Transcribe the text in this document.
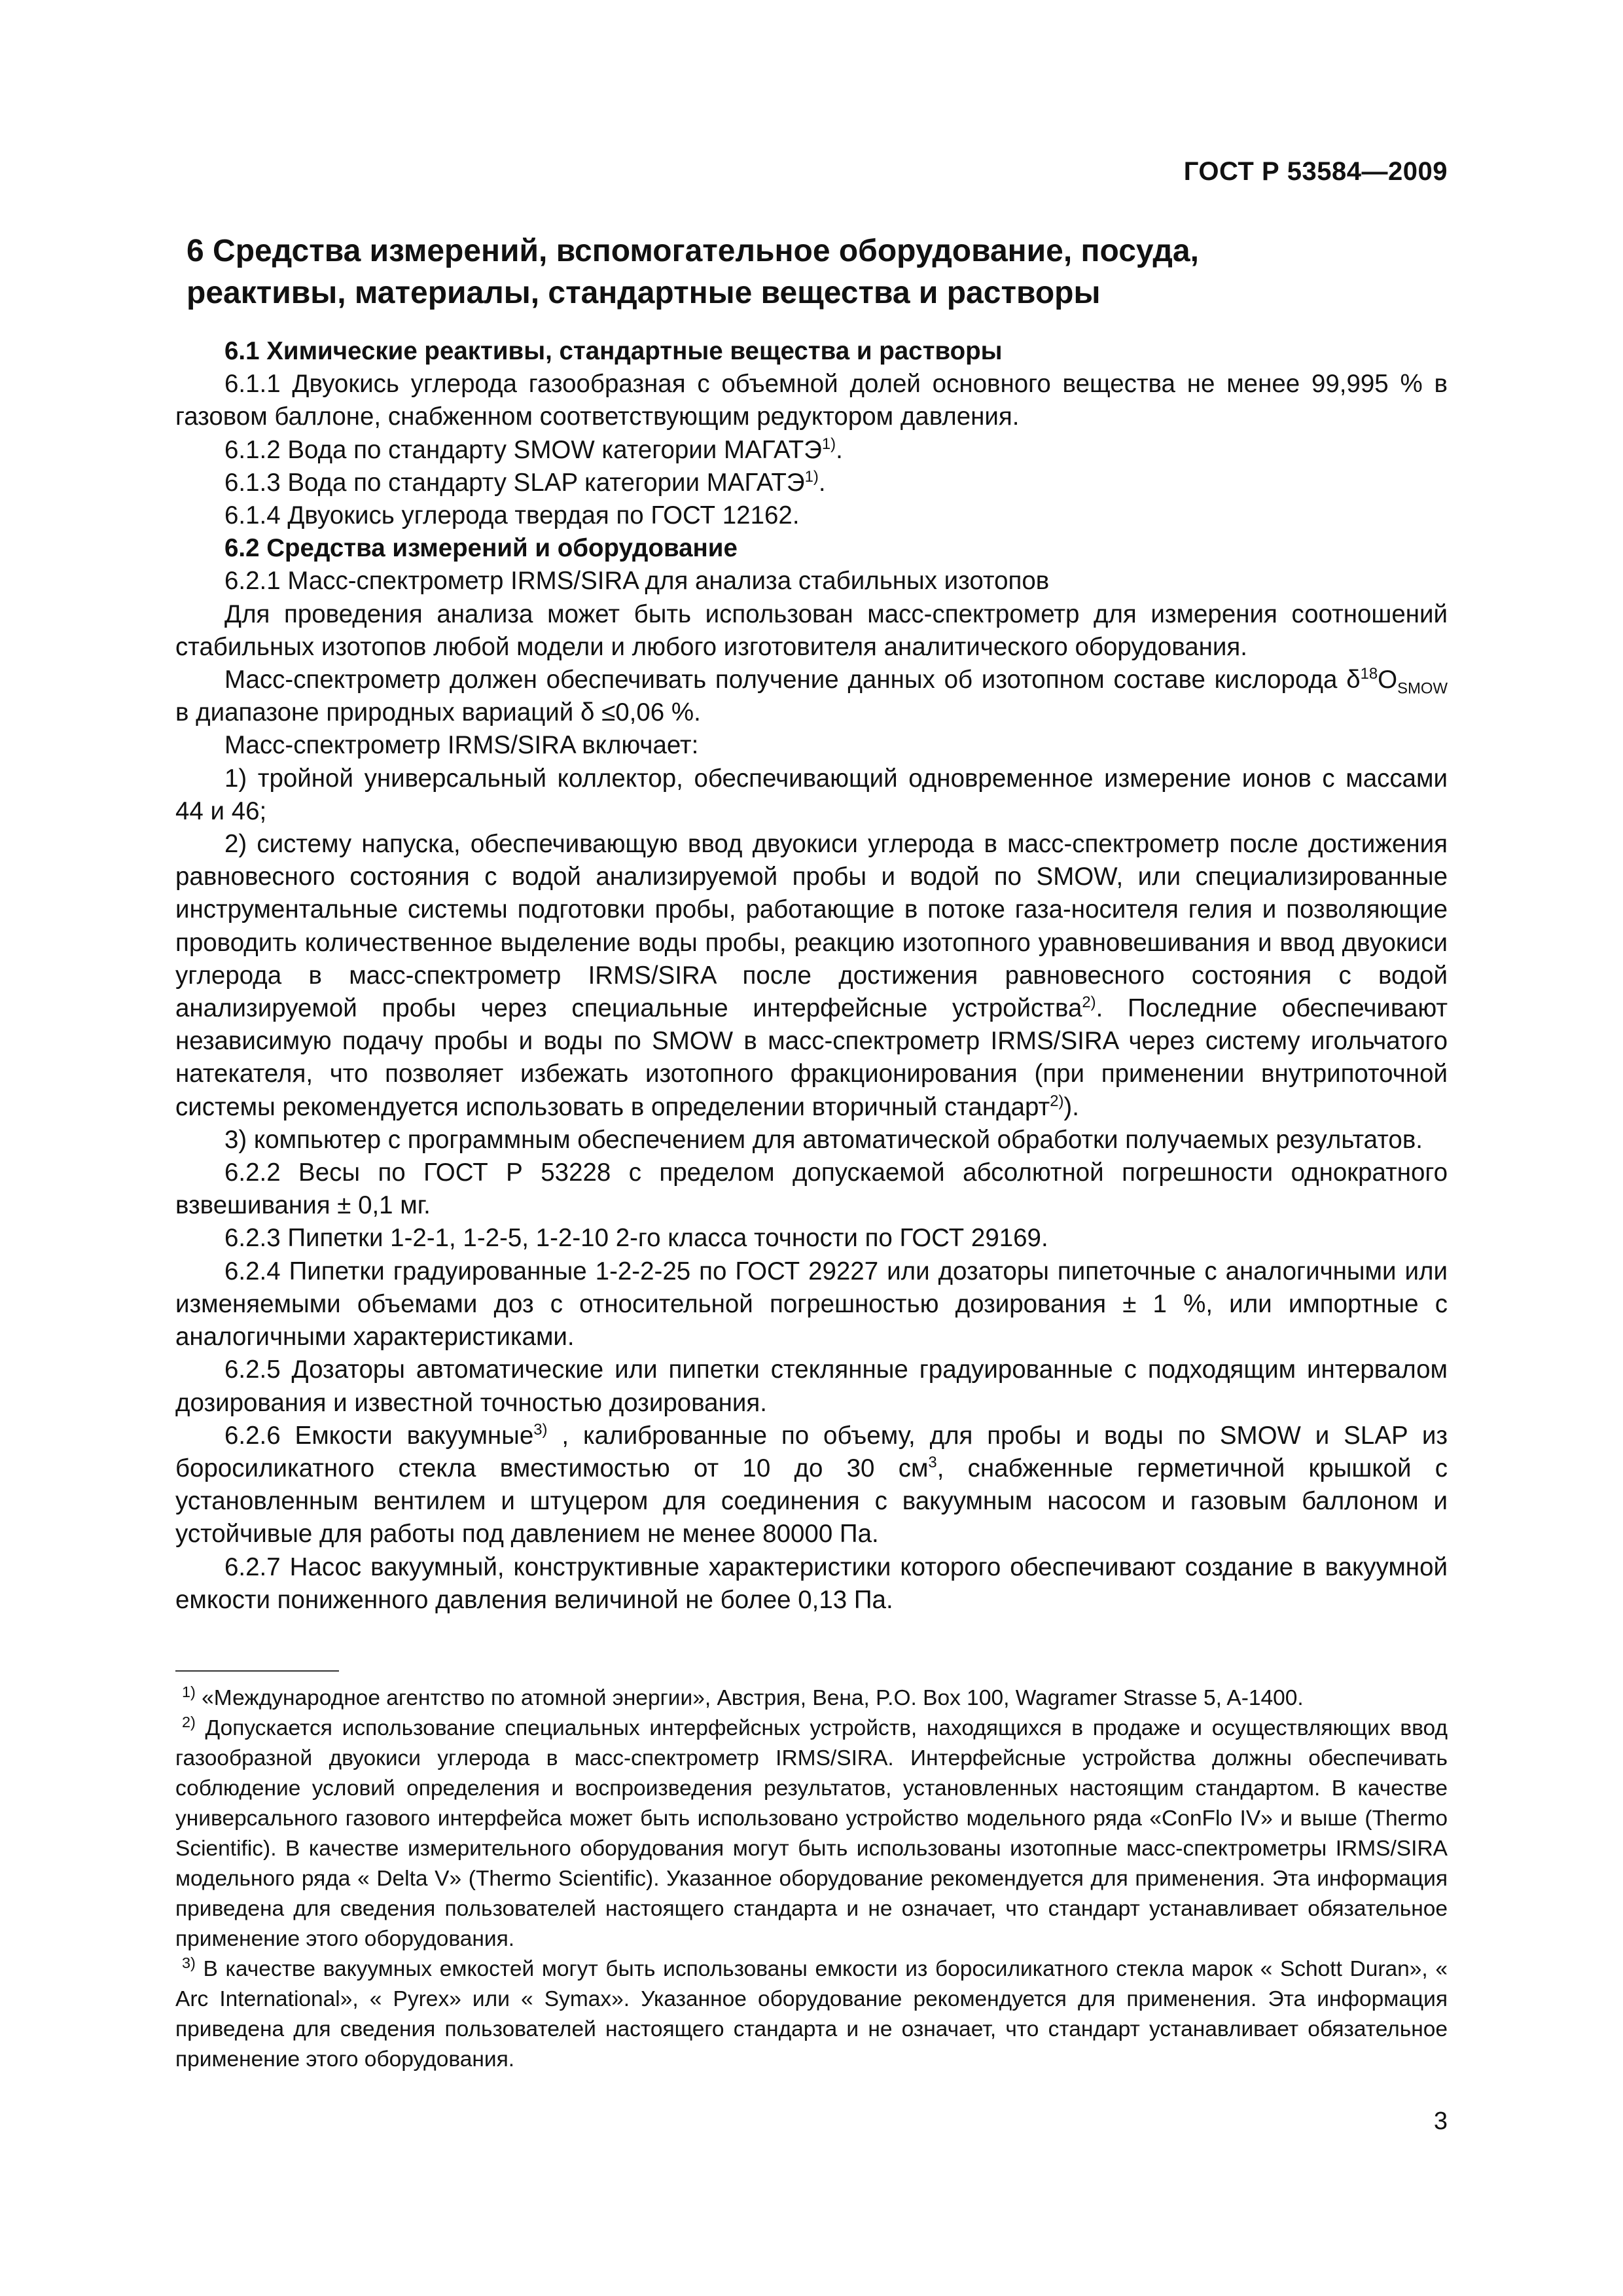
ГОСТ Р 53584—2009
6 Средства измерений, вспомогательное оборудование, посуда,
реактивы, материалы, стандартные вещества и растворы

6.1 Химические реактивы, стандартные вещества и растворы

6.1.1 Двуокись углерода газообразная с объемной долей основного вещества не менее 99,995 % в газовом баллоне, снабженном соответствующим редуктором давления.

6.1.2 Вода по стандарту SMOW категории МАГАТЭ$^{1)}$.

6.1.3 Вода по стандарту SLAP категории МАГАТЭ$^{1)}$.

6.1.4 Двуокись углерода твердая по ГОСТ 12162.

6.2 Средства измерений и оборудование

6.2.1 Масс-спектрометр IRMS/SIRA для анализа стабильных изотопов

Для проведения анализа может быть использован масс-спектрометр для измерения соотношений стабильных изотопов любой модели и любого изготовителя аналитического оборудования.

Масс-спектрометр должен обеспечивать получение данных об изотопном составе кислорода $\delta^{18}O_{SMOW}$ в диапазоне природных вариаций δ ≤0,06 %.

Масс-спектрометр IRMS/SIRA включает:

1) тройной универсальный коллектор, обеспечивающий одновременное измерение ионов с массами 44 и 46;

2) систему напуска, обеспечивающую ввод двуокиси углерода в масс-спектрометр после достижения равновесного состояния с водой анализируемой пробы и водой по SMOW, или специализированные инструментальные системы подготовки пробы, работающие в потоке газа-носителя гелия и позволяющие проводить количественное выделение воды пробы, реакцию изотопного уравновешивания и ввод двуокиси углерода в масс-спектрометр IRMS/SIRA после достижения равновесного состояния с водой анализируемой пробы через специальные интерфейсные устройства$^{2)}$. Последние обеспечивают независимую подачу пробы и воды по SMOW в масс-спектрометр IRMS/SIRA через систему игольчатого натекателя, что позволяет избежать изотопного фракционирования (при применении внутрипоточной системы рекомендуется использовать в определении вторичный стандарт$^{2)}$).

3) компьютер с программным обеспечением для автоматической обработки получаемых результатов.

6.2.2 Весы по ГОСТ Р 53228 с пределом допускаемой абсолютной погрешности однократного взвешивания ± 0,1 мг.

6.2.3 Пипетки 1-2-1, 1-2-5, 1-2-10 2-го класса точности по ГОСТ 29169.

6.2.4 Пипетки градуированные 1-2-2-25 по ГОСТ 29227 или дозаторы пипеточные с аналогичными или изменяемыми объемами доз с относительной погрешностью дозирования ± 1 %, или импортные с аналогичными характеристиками.

6.2.5 Дозаторы автоматические или пипетки стеклянные градуированные с подходящим интервалом дозирования и известной точностью дозирования.

6.2.6 Емкости вакуумные$^{3)}$ , калиброванные по объему, для пробы и воды по SMOW и SLAP из боросиликатного стекла вместимостью от 10 до 30 $см^3$, снабженные герметичной крышкой с установленным вентилем и штуцером для соединения с вакуумным насосом и газовым баллоном и устойчивые для работы под давлением не менее 80000 Па.

6.2.7 Насос вакуумный, конструктивные характеристики которого обеспечивают создание в вакуумной емкости пониженного давления величиной не более 0,13 Па.

$^{1)}$ «Международное агентство по атомной энергии», Австрия, Вена, P.O. Box 100, Wagramer Strasse 5, A-1400.

$^{2)}$ Допускается использование специальных интерфейсных устройств, находящихся в продаже и осуществляющих ввод газообразной двуокиси углерода в масс-спектрометр IRMS/SIRA. Интерфейсные устройства должны обеспечивать соблюдение условий определения и воспроизведения результатов, установленных настоящим стандартом. В качестве универсального газового интерфейса может быть использовано устройство модельного ряда «ConFlo IV» и выше (Thermo Scientific). В качестве измерительного оборудования могут быть использованы изотопные масс-спектрометры IRMS/SIRA модельного ряда « Delta V» (Thermo Scientific). Указанное оборудование рекомендуется для применения. Эта информация приведена для сведения пользователей настоящего стандарта и не означает, что стандарт устанавливает обязательное применение этого оборудования.

$^{3)}$ В качестве вакуумных емкостей могут быть использованы емкости из боросиликатного стекла марок « Schott Duran», « Arc International», « Pyrex» или « Symax». Указанное оборудование рекомендуется для применения. Эта информация приведена для сведения пользователей настоящего стандарта и не означает, что стандарт устанавливает обязательное применение этого оборудования.

3
